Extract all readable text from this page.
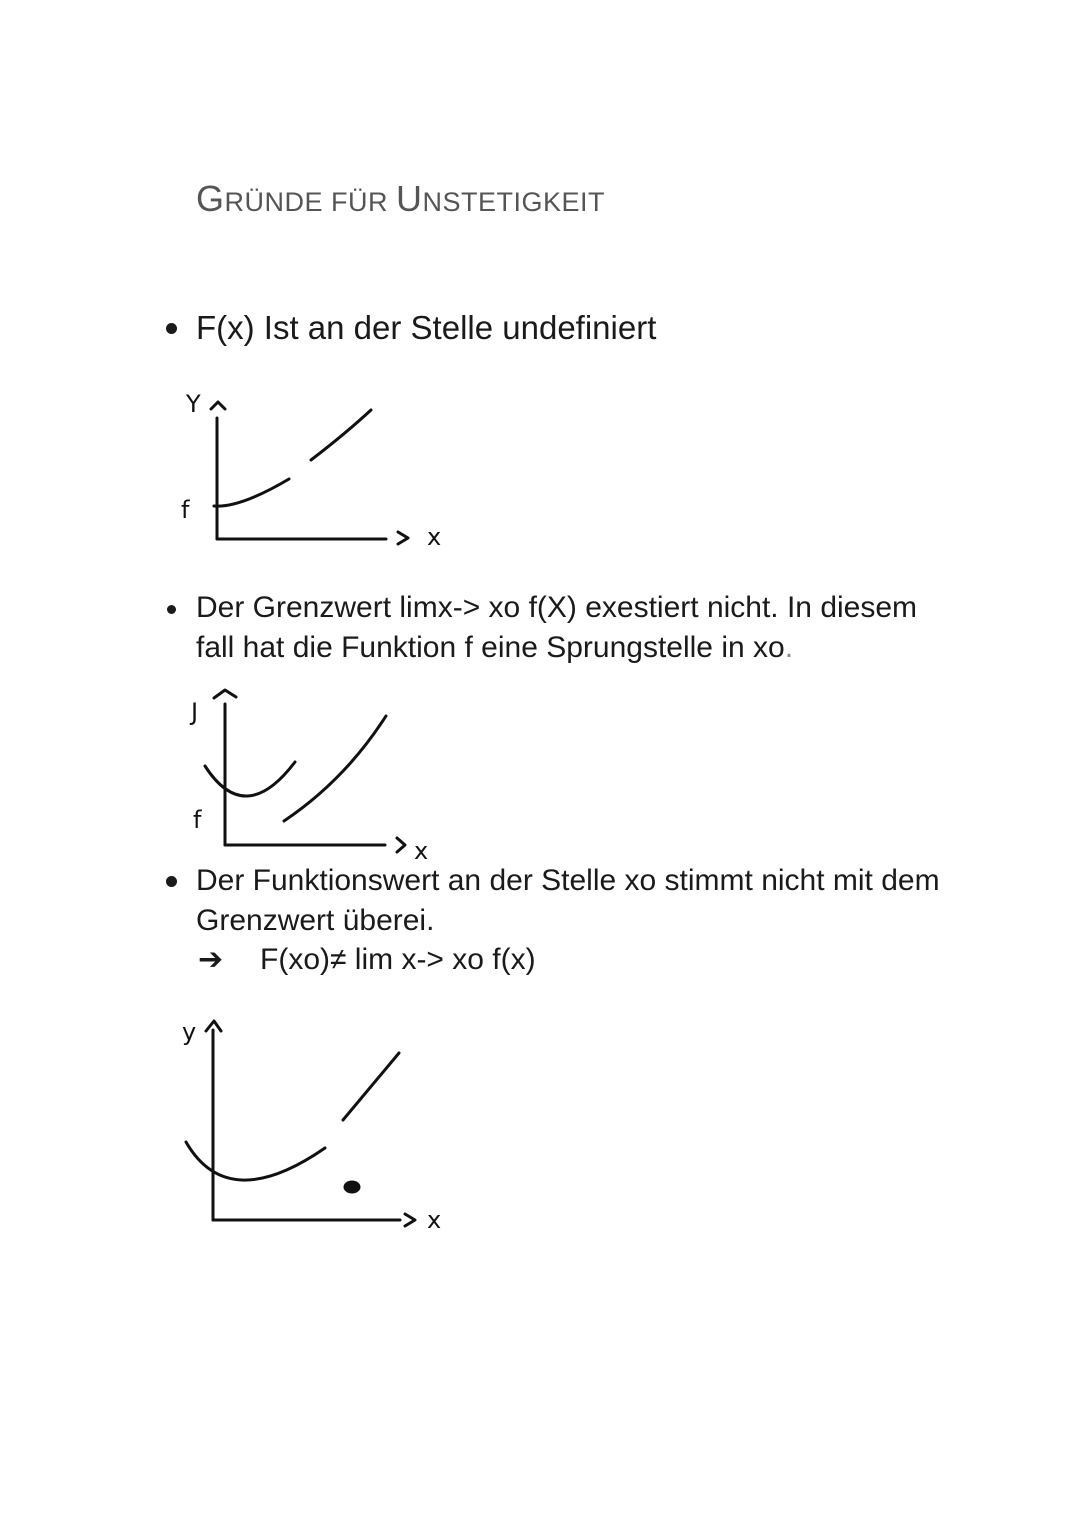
GRÜNDE FÜR UNSTETIGKEIT
F(x) Ist an der Stelle undefiniert
Der Grenzwert limx-> xo f(X) exestiert nicht. In diesem
fall hat die Funktion f eine Sprungstelle in xo.
Der Funktionswert an der Stelle xo stimmt nicht mit dem
Grenzwert überei.
➔ F(xo)≠ lim x-> xo f(x)
Y
x
f
J
x
f
y
x
